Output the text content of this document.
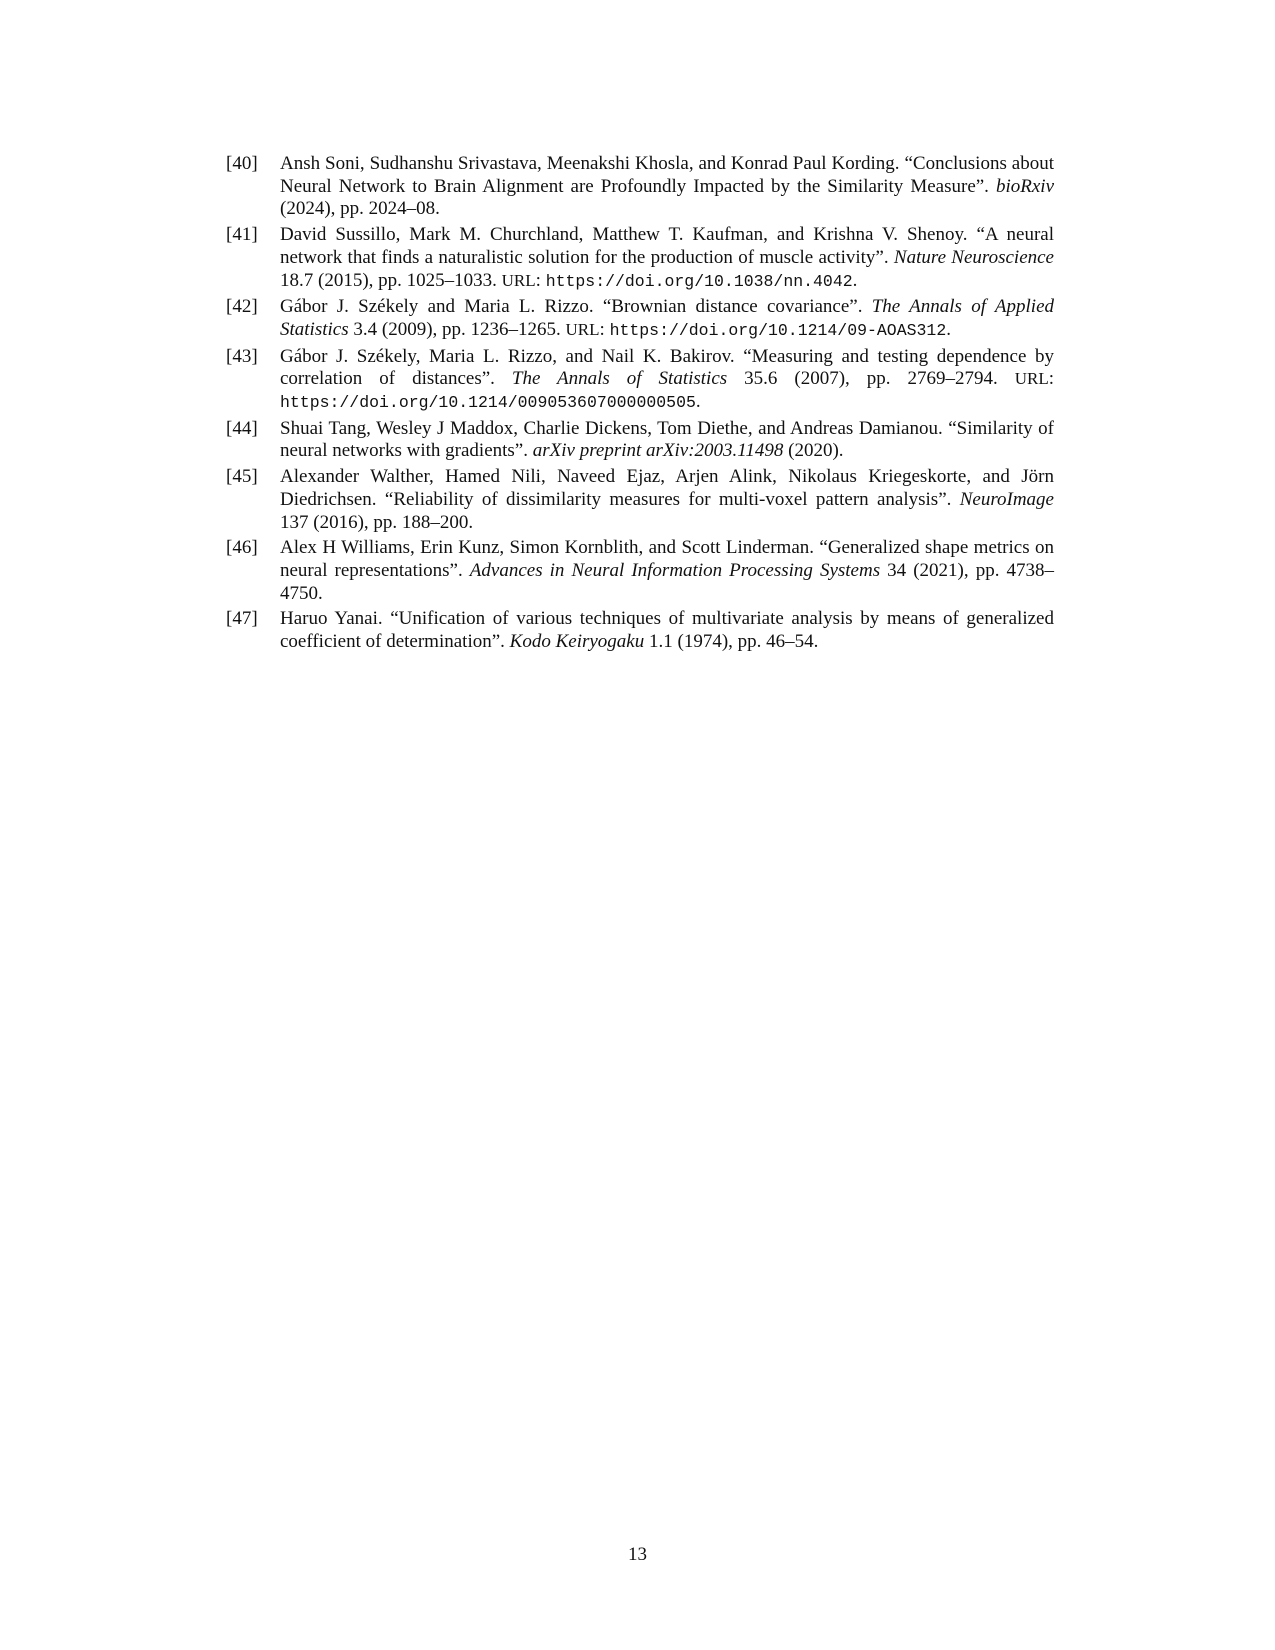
[40]	Ansh Soni, Sudhanshu Srivastava, Meenakshi Khosla, and Konrad Paul Kording. “Conclusions about Neural Network to Brain Alignment are Profoundly Impacted by the Similarity Measure”. bioRxiv (2024), pp. 2024–08.
[41]	David Sussillo, Mark M. Churchland, Matthew T. Kaufman, and Krishna V. Shenoy. “A neural network that finds a naturalistic solution for the production of muscle activity”. Nature Neuroscience 18.7 (2015), pp. 1025–1033. URL: https://doi.org/10.1038/nn.4042.
[42]	Gábor J. Székely and Maria L. Rizzo. “Brownian distance covariance”. The Annals of Applied Statistics 3.4 (2009), pp. 1236–1265. URL: https://doi.org/10.1214/09-AOAS312.
[43]	Gábor J. Székely, Maria L. Rizzo, and Nail K. Bakirov. “Measuring and testing dependence by correlation of distances”. The Annals of Statistics 35.6 (2007), pp. 2769–2794. URL: https://doi.org/10.1214/009053607000000505.
[44]	Shuai Tang, Wesley J Maddox, Charlie Dickens, Tom Diethe, and Andreas Damianou. “Similarity of neural networks with gradients”. arXiv preprint arXiv:2003.11498 (2020).
[45]	Alexander Walther, Hamed Nili, Naveed Ejaz, Arjen Alink, Nikolaus Kriegeskorte, and Jörn Diedrichsen. “Reliability of dissimilarity measures for multi-voxel pattern analysis”. NeuroImage 137 (2016), pp. 188–200.
[46]	Alex H Williams, Erin Kunz, Simon Kornblith, and Scott Linderman. “Generalized shape metrics on neural representations”. Advances in Neural Information Processing Systems 34 (2021), pp. 4738–4750.
[47]	Haruo Yanai. “Unification of various techniques of multivariate analysis by means of generalized coefficient of determination”. Kodo Keiryogaku 1.1 (1974), pp. 46–54.
13
